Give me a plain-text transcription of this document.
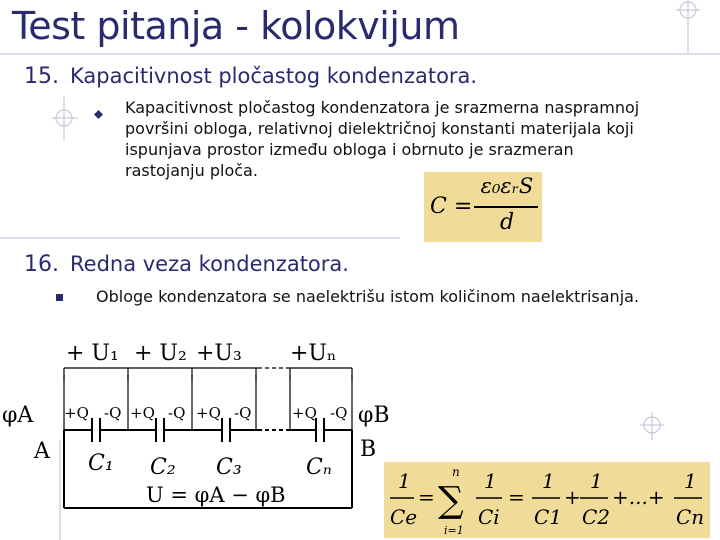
Test pitanja - kolokvijum
15. Kapacitivnost pločastog kondenzatora.
Kapacitivnost pločastog kondenzatora je srazmerna naspramnoj
površini obloga, relativnoj dielektričnoj konstanti materijala koji
ispunjava prostor između obloga i obrnuto je srazmeran
rastojanju ploča.
C =
ε₀εᵣS
d
16. Redna veza kondenzatora.
Obloge kondenzatora se naelektrišu istom količinom naelektrisanja.
+ U₁ + U₂ +U₃ +Uₙ
φA	φB
+Q -Q +Q -Q +Q -Q	+Q -Q
A	B
C₁ C₂ C₃	Cₙ
U = φA − φB
1
Ce
=
n
∑
i=1
1
Ci
=
1
C1
+
1
C2
+...+
1
Cn
